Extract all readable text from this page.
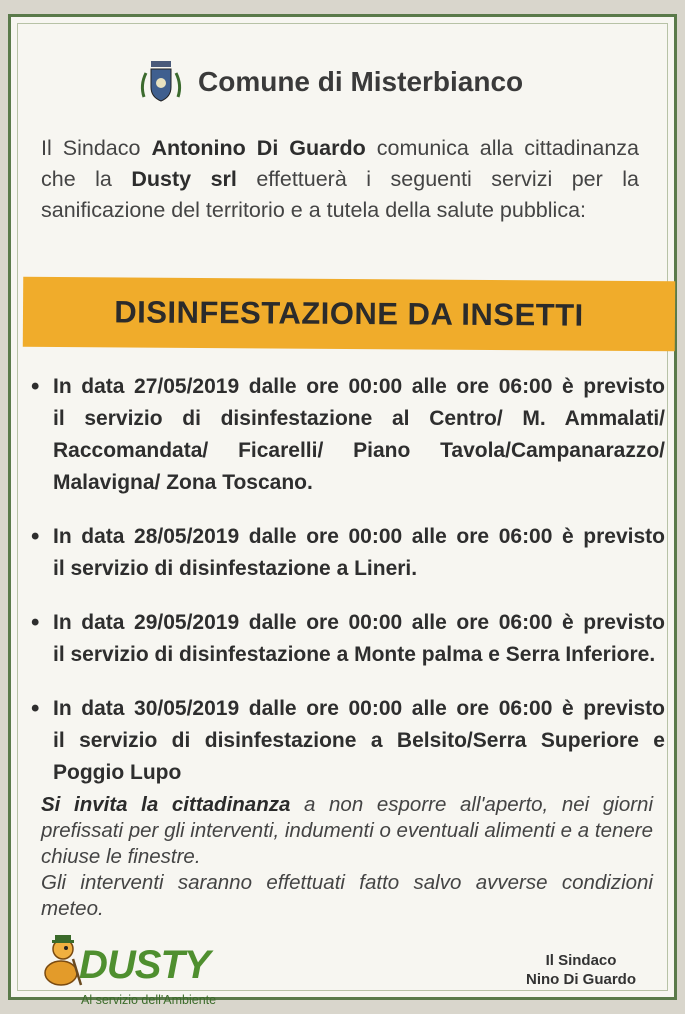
Comune di Misterbianco
Il Sindaco Antonino Di Guardo comunica alla cittadinanza che la Dusty srl effettuerà i seguenti servizi per la sanificazione del territorio e a tutela della salute pubblica:
DISINFESTAZIONE DA INSETTI
• In data 27/05/2019 dalle ore 00:00 alle ore 06:00 è previsto
il servizio di disinfestazione al Centro/ M. Ammalati/ Raccomandata/ Ficarelli/ Piano Tavola/Campanarazzo/ Malavigna/ Zona Toscano.
• In data 28/05/2019 dalle ore 00:00 alle ore 06:00 è previsto
il servizio di disinfestazione a Lineri.
• In data 29/05/2019 dalle ore 00:00 alle ore 06:00 è previsto
il servizio di disinfestazione a Monte palma e Serra Inferiore.
• In data 30/05/2019 dalle ore 00:00 alle ore 06:00 è previsto
il servizio di disinfestazione a Belsito/Serra Superiore e Poggio Lupo
Si invita la cittadinanza a non esporre all'aperto, nei giorni prefissati per gli interventi, indumenti o eventuali alimenti e a tenere chiuse le finestre.
Gli interventi saranno effettuati fatto salvo avverse condizioni meteo.
DUSTY
Al servizio dell'Ambiente
Il Sindaco
Nino Di Guardo
